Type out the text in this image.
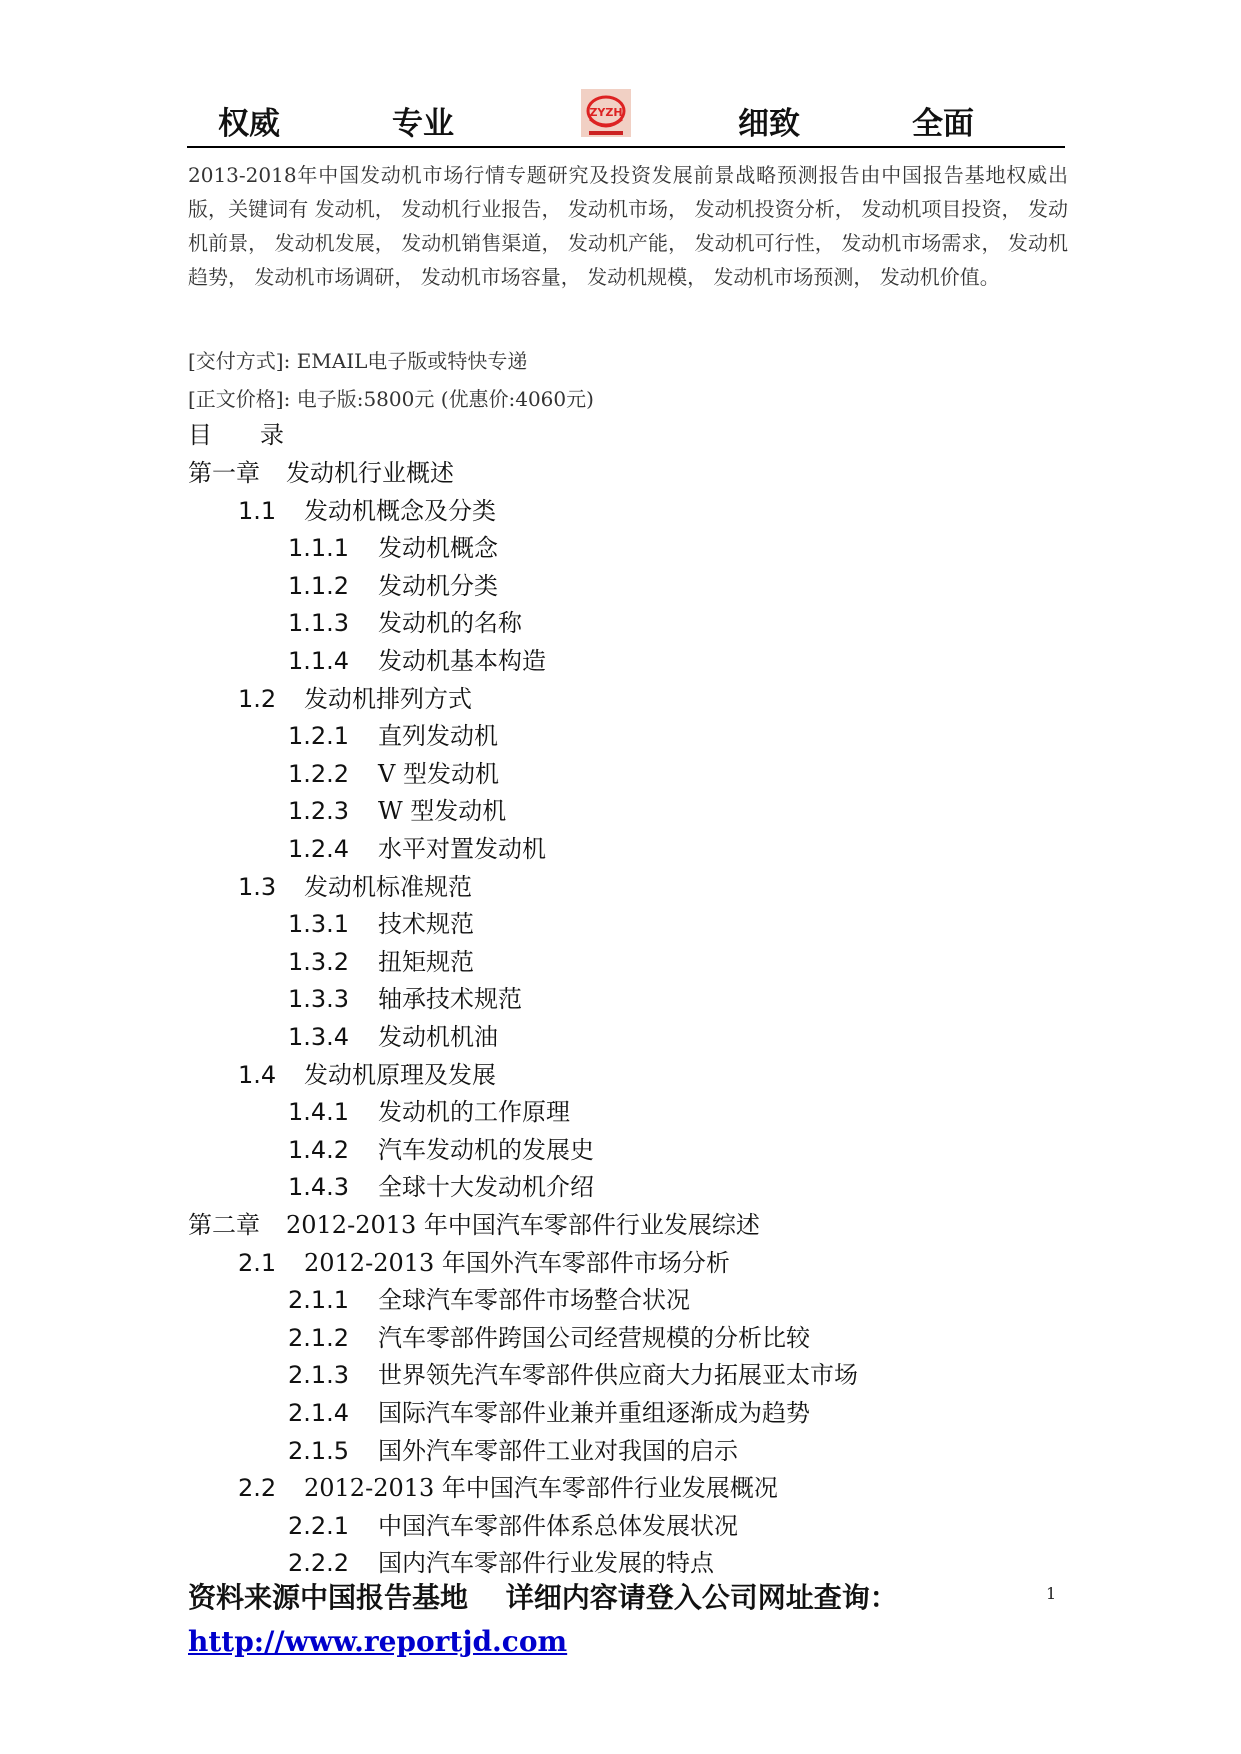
权威	专业	ZYZH	细致	全面
2013-2018年中国发动机市场行情专题研究及投资发展前景战略预测报告由中国报告基地权威出版，关键词有 发动机， 发动机行业报告， 发动机市场， 发动机投资分析， 发动机项目投资， 发动机前景， 发动机发展， 发动机销售渠道， 发动机产能， 发动机可行性， 发动机市场需求， 发动机趋势， 发动机市场调研， 发动机市场容量， 发动机规模， 发动机市场预测， 发动机价值。
[交付方式]: EMAIL电子版或特快专递
[正文价格]: 电子版:5800元 (优惠价:4060元)
目　　录
第一章 发动机行业概述
1.1 发动机概念及分类
1.1.1 发动机概念
1.1.2 发动机分类
1.1.3 发动机的名称
1.1.4 发动机基本构造
1.2 发动机排列方式
1.2.1 直列发动机
1.2.2 V 型发动机
1.2.3 W 型发动机
1.2.4 水平对置发动机
1.3 发动机标准规范
1.3.1 技术规范
1.3.2 扭矩规范
1.3.3 轴承技术规范
1.3.4 发动机机油
1.4 发动机原理及发展
1.4.1 发动机的工作原理
1.4.2 汽车发动机的发展史
1.4.3 全球十大发动机介绍
第二章 2012-2013 年中国汽车零部件行业发展综述
2.1 2012-2013 年国外汽车零部件市场分析
2.1.1 全球汽车零部件市场整合状况
2.1.2 汽车零部件跨国公司经营规模的分析比较
2.1.3 世界领先汽车零部件供应商大力拓展亚太市场
2.1.4 国际汽车零部件业兼并重组逐渐成为趋势
2.1.5 国外汽车零部件工业对我国的启示
2.2 2012-2013 年中国汽车零部件行业发展概况
2.2.1 中国汽车零部件体系总体发展状况
2.2.2 国内汽车零部件行业发展的特点
资料来源中国报告基地　 详细内容请登入公司网址查询：
http://www.reportjd.com
1
